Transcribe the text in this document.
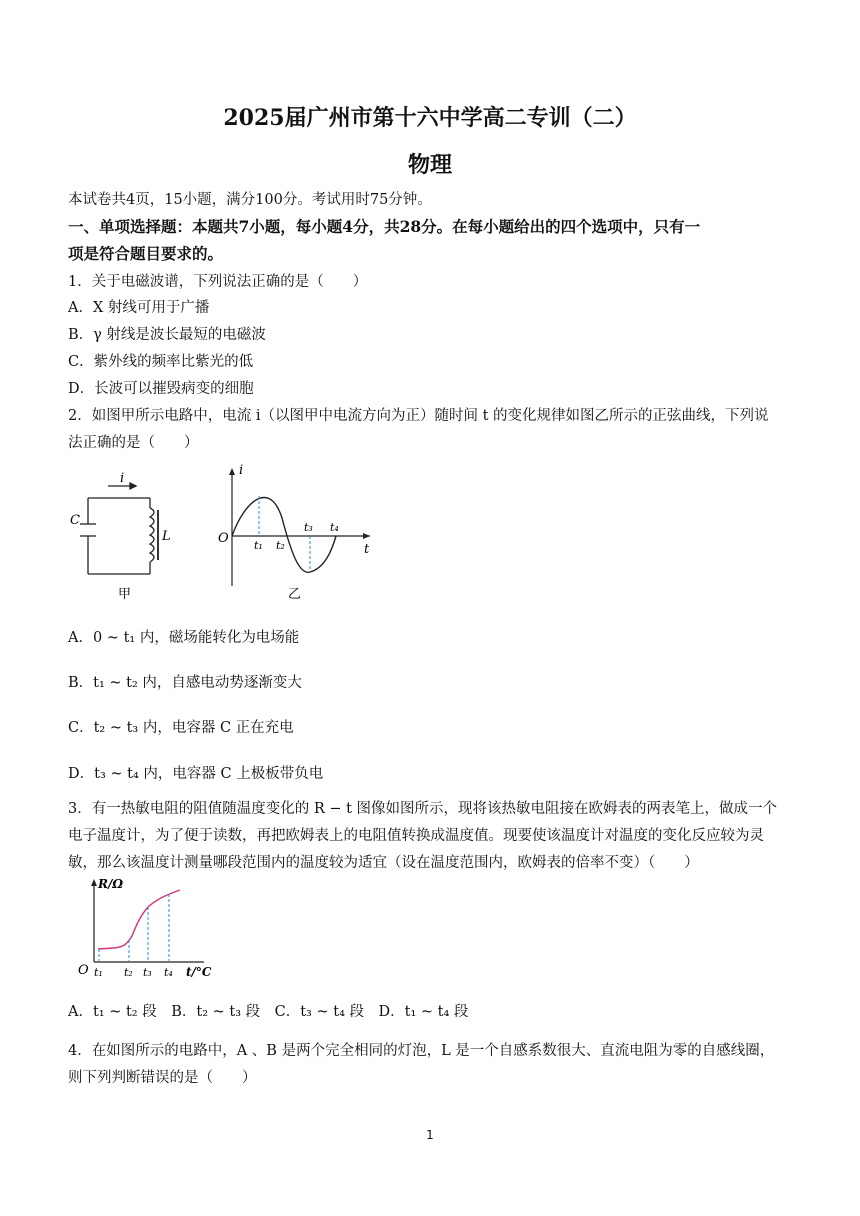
2025届广州市第十六中学高二专训（二）
物理
本试卷共4页，15小题，满分100分。考试用时75分钟。
一、单项选择题：本题共7小题，每小题4分，共28分。在每小题给出的四个选项中，只有一
项是符合题目要求的。
1．关于电磁波谱，下列说法正确的是（　　）
A．X 射线可用于广播
B．γ 射线是波长最短的电磁波
C．紫外线的频率比紫光的低
D．长波可以摧毁病变的细胞
2．如图甲所示电路中，电流 i（以图甲中电流方向为正）随时间 t 的变化规律如图乙所示的正弦曲线，下列说
法正确的是（　　）
i
C
L
甲
i
t
O t₁ t₂
t₃ t₄
乙
A．0 ~ t₁ 内，磁场能转化为电场能
B．t₁ ~ t₂ 内，自感电动势逐渐变大
C．t₂ ~ t₃ 内，电容器 C 正在充电
D．t₃ ~ t₄ 内，电容器 C 上极板带负电
3．有一热敏电阻的阻值随温度变化的 R − t 图像如图所示，现将该热敏电阻接在欧姆表的两表笔上，做成一个
电子温度计，为了便于读数，再把欧姆表上的电阻值转换成温度值。现要使该温度计对温度的变化反应较为灵
敏，那么该温度计测量哪段范围内的温度较为适宜（设在温度范围内，欧姆表的倍率不变）（　　）
R/Ω
t/°C
O t₁ t₂ t₃ t₄
A．t₁ ~ t₂ 段　B．t₂ ~ t₃ 段　C．t₃ ~ t₄ 段　D．t₁ ~ t₄ 段
4．在如图所示的电路中，A 、B 是两个完全相同的灯泡，L 是一个自感系数很大、直流电阻为零的自感线圈，
则下列判断错误的是（　　）
1
